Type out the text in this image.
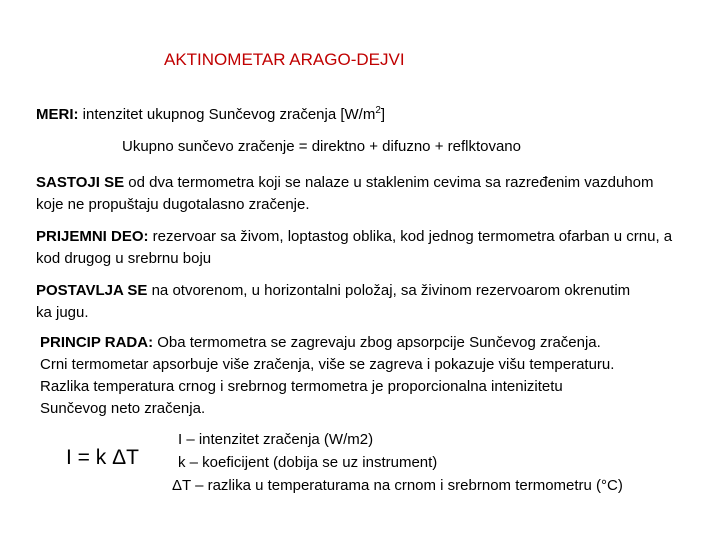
AKTINOMETAR ARAGO-DEJVI
MERI: intenzitet ukupnog Sunčevog zračenja $[W/m^2]$
Ukupno sunčevo zračenje = direktno + difuzno + reflktovano
SASTOJI SE od dva termometra koji se nalaze u staklenim cevima sa razređenim vazduhom koje ne propuštaju dugotalasno zračenje.
PRIJEMNI DEO: rezervoar sa živom, loptastog oblika, kod jednog termometra ofarban u crnu, a kod drugog u srebrnu boju
POSTAVLJA SE na otvorenom, u horizontalni položaj, sa živinom rezervoarom okrenutim ka jugu.
PRINCIP RADA: Oba termometra se zagrevaju zbog apsorpcije Sunčevog zračenja.
Crni termometar apsorbuje više zračenja, više se zagreva i pokazuje višu temperaturu.
Razlika temperatura crnog i srebrnog termometra je proporcionalna intenizitetu
Sunčevog neto zračenja.
I = k ΔT
I – intenzitet zračenja (W/m2)
k – koeficijent (dobija se uz instrument)
ΔT – razlika u temperaturama na crnom i srebrnom termometru (°C)
